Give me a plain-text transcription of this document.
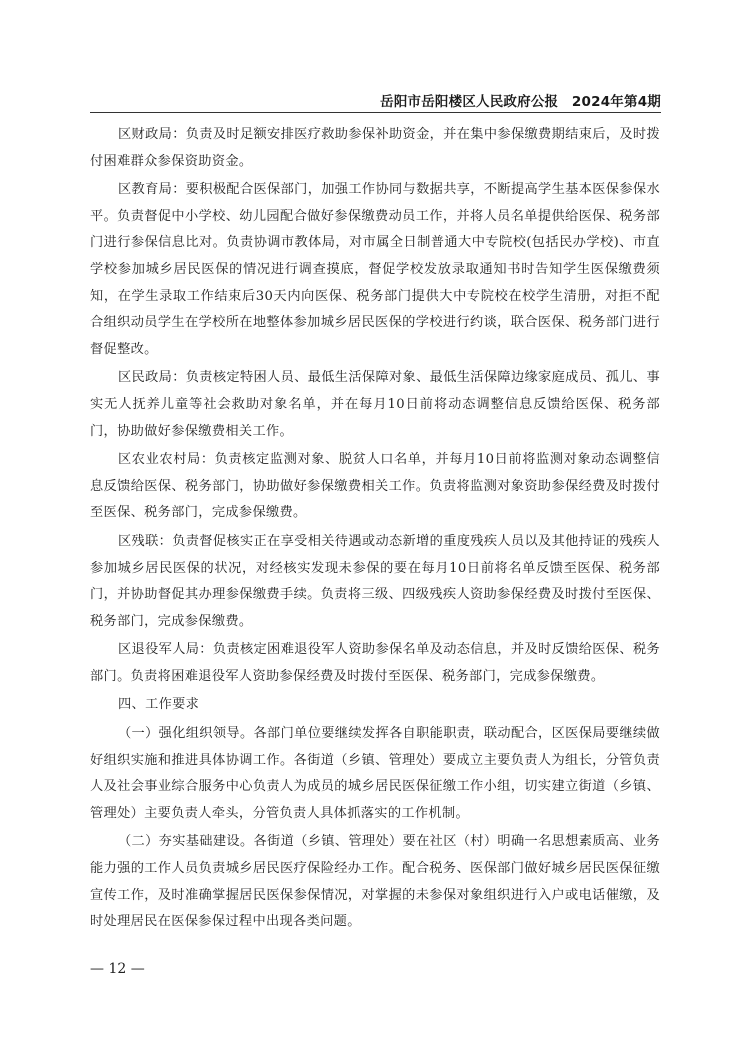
岳阳市岳阳楼区人民政府公报　2024年第4期

区财政局：负责及时足额安排医疗救助参保补助资金，并在集中参保缴费期结束后，及时拨付困难群众参保资助资金。

区教育局：要积极配合医保部门，加强工作协同与数据共享，不断提高学生基本医保参保水平。负责督促中小学校、幼儿园配合做好参保缴费动员工作，并将人员名单提供给医保、税务部门进行参保信息比对。负责协调市教体局，对市属全日制普通大中专院校(包括民办学校)、市直学校参加城乡居民医保的情况进行调查摸底，督促学校发放录取通知书时告知学生医保缴费须知，在学生录取工作结束后30天内向医保、税务部门提供大中专院校在校学生清册，对拒不配合组织动员学生在学校所在地整体参加城乡居民医保的学校进行约谈，联合医保、税务部门进行督促整改。

区民政局：负责核定特困人员、最低生活保障对象、最低生活保障边缘家庭成员、孤儿、事实无人抚养儿童等社会救助对象名单，并在每月10日前将动态调整信息反馈给医保、税务部门，协助做好参保缴费相关工作。

区农业农村局：负责核定监测对象、脱贫人口名单，并每月10日前将监测对象动态调整信息反馈给医保、税务部门，协助做好参保缴费相关工作。负责将监测对象资助参保经费及时拨付至医保、税务部门，完成参保缴费。

区残联：负责督促核实正在享受相关待遇或动态新增的重度残疾人员以及其他持证的残疾人参加城乡居民医保的状况，对经核实发现未参保的要在每月10日前将名单反馈至医保、税务部门，并协助督促其办理参保缴费手续。负责将三级、四级残疾人资助参保经费及时拨付至医保、税务部门，完成参保缴费。

区退役军人局：负责核定困难退役军人资助参保名单及动态信息，并及时反馈给医保、税务部门。负责将困难退役军人资助参保经费及时拨付至医保、税务部门，完成参保缴费。

四、工作要求

（一）强化组织领导。各部门单位要继续发挥各自职能职责，联动配合，区医保局要继续做好组织实施和推进具体协调工作。各街道（乡镇、管理处）要成立主要负责人为组长，分管负责人及社会事业综合服务中心负责人为成员的城乡居民医保征缴工作小组，切实建立街道（乡镇、管理处）主要负责人牵头，分管负责人具体抓落实的工作机制。

（二）夯实基础建设。各街道（乡镇、管理处）要在社区（村）明确一名思想素质高、业务能力强的工作人员负责城乡居民医疗保险经办工作。配合税务、医保部门做好城乡居民医保征缴宣传工作，及时准确掌握居民医保参保情况，对掌握的未参保对象组织进行入户或电话催缴，及时处理居民在医保参保过程中出现各类问题。

— 12 —
